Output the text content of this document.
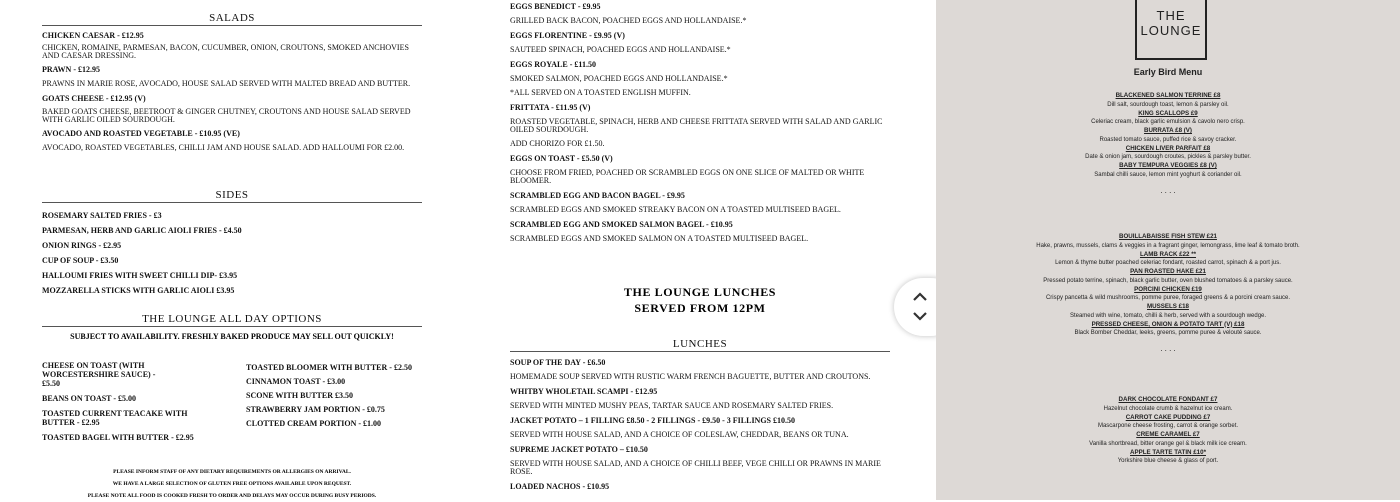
SALADS

CHICKEN CAESAR - £12.95

CHICKEN, ROMAINE, PARMESAN, BACON, CUCUMBER, ONION, CROUTONS, SMOKED ANCHOVIES AND CAESAR DRESSING.

PRAWN - £12.95

PRAWNS IN MARIE ROSE, AVOCADO, HOUSE SALAD SERVED WITH MALTED BREAD AND BUTTER.

GOATS CHEESE - £12.95 (V)

BAKED GOATS CHEESE, BEETROOT & GINGER CHUTNEY, CROUTONS AND HOUSE SALAD SERVED WITH GARLIC OILED SOURDOUGH.

AVOCADO AND ROASTED VEGETABLE - £10.95 (VE)

AVOCADO, ROASTED VEGETABLES, CHILLI JAM AND HOUSE SALAD. ADD HALLOUMI FOR £2.00.

SIDES

ROSEMARY SALTED FRIES - £3

PARMESAN, HERB AND GARLIC AIOLI FRIES - £4.50

ONION RINGS - £2.95

CUP OF SOUP - £3.50

HALLOUMI FRIES WITH SWEET CHILLI DIP- £3.95

MOZZARELLA STICKS WITH GARLIC AIOLI £3.95

THE LOUNGE ALL DAY OPTIONS

SUBJECT TO AVAILABILITY. FRESHLY BAKED PRODUCE MAY SELL OUT QUICKLY!

CHEESE ON TOAST (WITH WORCESTERSHIRE SAUCE) - £5.50

BEANS ON TOAST - £5.00

TOASTED CURRENT TEACAKE WITH BUTTER - £2.95

TOASTED BAGEL WITH BUTTER - £2.95

TOASTED BLOOMER WITH BUTTER - £2.50

CINNAMON TOAST - £3.00

SCONE WITH BUTTER £3.50

STRAWBERRY JAM PORTION - £0.75

CLOTTED CREAM PORTION - £1.00

PLEASE INFORM STAFF OF ANY DIETARY REQUIREMENTS OR ALLERGIES ON ARRIVAL.

WE HAVE A LARGE SELECTION OF GLUTEN FREE OPTIONS AVAILABLE UPON REQUEST.

PLEASE NOTE ALL FOOD IS COOKED FRESH TO ORDER AND DELAYS MAY OCCUR DURING BUSY PERIODS.

EGGS BENEDICT - £9.95

GRILLED BACK BACON, POACHED EGGS AND HOLLANDAISE.*

EGGS FLORENTINE - £9.95 (V)

SAUTEED SPINACH, POACHED EGGS AND HOLLANDAISE.*

EGGS ROYALE - £11.50

SMOKED SALMON, POACHED EGGS AND HOLLANDAISE.*

*ALL SERVED ON A TOASTED ENGLISH MUFFIN.

FRITTATA - £11.95 (V)

ROASTED VEGETABLE, SPINACH, HERB AND CHEESE FRITTATA SERVED WITH SALAD AND GARLIC OILED SOURDOUGH.

ADD CHORIZO FOR £1.50.

EGGS ON TOAST - £5.50 (V)

CHOOSE FROM FRIED, POACHED OR SCRAMBLED EGGS ON ONE SLICE OF MALTED OR WHITE BLOOMER.

SCRAMBLED EGG AND BACON BAGEL - £9.95

SCRAMBLED EGGS AND SMOKED STREAKY BACON ON A TOASTED MULTISEED BAGEL.

SCRAMBLED EGG AND SMOKED SALMON BAGEL - £10.95

SCRAMBLED EGGS AND SMOKED SALMON ON A TOASTED MULTISEED BAGEL.

THE LOUNGE LUNCHES

SERVED FROM 12PM

LUNCHES

SOUP OF THE DAY - £6.50

HOMEMADE SOUP SERVED WITH RUSTIC WARM FRENCH BAGUETTE, BUTTER AND CROUTONS.

WHITBY WHOLETAIL SCAMPI - £12.95

SERVED WITH MINTED MUSHY PEAS, TARTAR SAUCE AND ROSEMARY SALTED FRIES.

JACKET POTATO – 1 FILLING £8.50 - 2 FILLINGS - £9.50 - 3 FILLINGS £10.50

SERVED WITH HOUSE SALAD, AND A CHOICE OF COLESLAW, CHEDDAR, BEANS OR TUNA.

SUPREME JACKET POTATO – £10.50

SERVED WITH HOUSE SALAD, AND A CHOICE OF CHILLI BEEF, VEGE CHILLI OR PRAWNS IN MARIE ROSE.

LOADED NACHOS - £10.95

THE
LOUNGE
Early Bird Menu

BLACKENED SALMON TERRINE £8

Dill salt, sourdough toast, lemon & parsley oil.

KING SCALLOPS £9

Celeriac cream, black garlic emulsion & cavolo nero crisp.

BURRATA £8 (V)

Roasted tomato sauce, puffed rice & savoy cracker.

CHICKEN LIVER PARFAIT £8

Date & onion jam, sourdough croutes, pickles & parsley butter.

BABY TEMPURA VEGGIES £8 (V)

Sambal chilli sauce, lemon mint yoghurt & coriander oil.

. . . .

BOUILLABAISSE FISH STEW £21

Hake, prawns, mussels, clams & veggies in a fragrant ginger, lemongrass, lime leaf & tomato broth.

LAMB RACK £22 **

Lemon & thyme butter poached celeriac fondant, roasted carrot, spinach & a port jus.

PAN ROASTED HAKE £21

Pressed potato terrine, spinach, black garlic butter, oven blushed tomatoes & a parsley sauce.

PORCINI CHICKEN £19

Crispy pancetta & wild mushrooms, pomme puree, foraged greens & a porcini cream sauce.

MUSSELS £18

Steamed with wine, tomato, chilli & herb, served with a sourdough wedge.

PRESSED CHEESE, ONION & POTATO TART (V) £18

Black Bomber Cheddar, leeks, greens, pomme puree & velouté sauce.

. . . .

DARK CHOCOLATE FONDANT £7

Hazelnut chocolate crumb & hazelnut ice cream.

CARROT CAKE PUDDING £7

Mascarpone cheese frosting, carrot & orange sorbet.

CREME CARAMEL £7

Vanilla shortbread, bitter orange gel & black milk ice cream.

APPLE TARTE TATIN £10*

Yorkshire blue cheese & glass of port.
